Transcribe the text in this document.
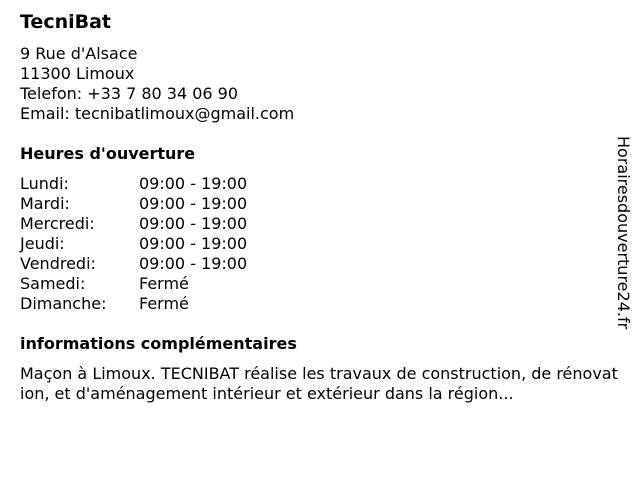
TecniBat
9 Rue d'Alsace
11300 Limoux
Telefon: +33 7 80 34 06 90
Email: tecnibatlimoux@gmail.com
Heures d'ouverture
Lundi:	09:00 - 19:00
Mardi:	09:00 - 19:00
Mercredi:	09:00 - 19:00
Jeudi:	09:00 - 19:00
Vendredi:	09:00 - 19:00
Samedi:	Fermé
Dimanche:	Fermé
informations complémentaires

Maçon à Limoux. TECNIBAT réalise les travaux de construction, de rénovation, et d'aménagement intérieur et extérieur dans la région...

Horairesdouverture24.fr
